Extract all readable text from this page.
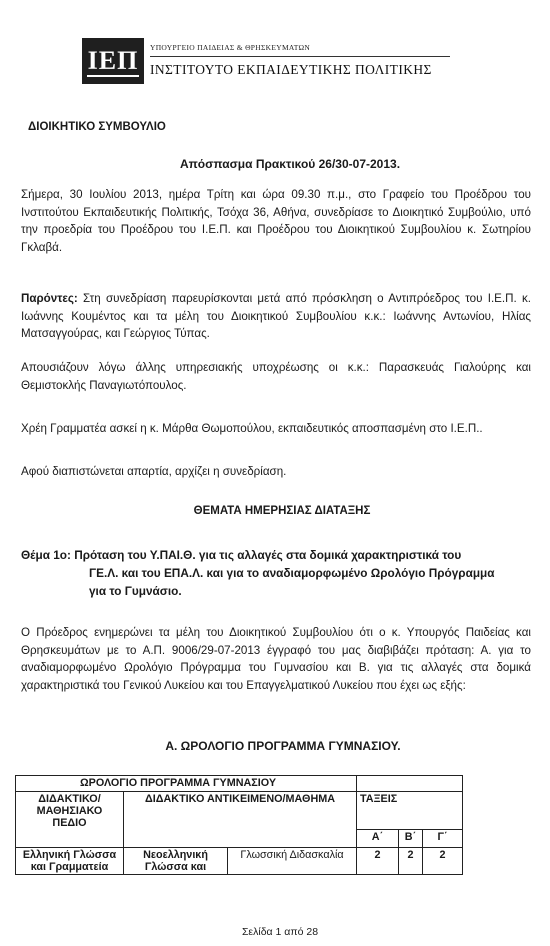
ΙΕΠ	ΥΠΟΥΡΓΕΙΟ ΠΑΙΔΕΙΑΣ & ΘΡΗΣΚΕΥΜΑΤΩΝ
ΙΝΣΤΙΤΟΥΤΟ ΕΚΠΑΙΔΕΥΤΙΚΗΣ ΠΟΛΙΤΙΚΗΣ
ΔΙΟΙΚΗΤΙΚΟ ΣΥΜΒΟΥΛΙΟ
Απόσπασμα Πρακτικού 26/30-07-2013.

Σήμερα, 30 Ιουλίου 2013, ημέρα Τρίτη και ώρα 09.30 π.μ., στο Γραφείο του Προέδρου του Ινστιτούτου Εκπαιδευτικής Πολιτικής, Τσόχα 36, Αθήνα, συνεδρίασε το Διοικητικό Συμβούλιο, υπό την προεδρία του Προέδρου του Ι.Ε.Π. και Προέδρου του Διοικητικού Συμβουλίου κ. Σωτηρίου Γκλαβά.

Παρόντες: Στη συνεδρίαση παρευρίσκονται μετά από πρόσκληση ο Αντιπρόεδρος του Ι.Ε.Π. κ. Ιωάννης Κουμέντος και τα μέλη του Διοικητικού Συμβουλίου κ.κ.: Ιωάννης Αντωνίου, Ηλίας Ματσαγγούρας, και Γεώργιος Τύπας.

Απουσιάζουν λόγω άλλης υπηρεσιακής υποχρέωσης οι κ.κ.: Παρασκευάς Γιαλούρης και Θεμιστοκλής Παναγιωτόπουλος.

Χρέη Γραμματέα ασκεί η κ. Μάρθα Θωμοπούλου, εκπαιδευτικός αποσπασμένη στο Ι.Ε.Π..

Αφού διαπιστώνεται απαρτία, αρχίζει η συνεδρίαση.

ΘΕΜΑΤΑ ΗΜΕΡΗΣΙΑΣ ΔΙΑΤΑΞΗΣ
Θέμα 1ο: Πρόταση του Υ.ΠΑΙ.Θ. για τις αλλαγές στα δομικά χαρακτηριστικά του
ΓΕ.Λ. και του ΕΠΑ.Λ. και για το αναδιαμορφωμένο Ωρολόγιο Πρόγραμμα
για το Γυμνάσιο.

Ο Πρόεδρος ενημερώνει τα μέλη του Διοικητικού Συμβουλίου ότι ο κ. Υπουργός Παιδείας και Θρησκευμάτων με το Α.Π. 9006/29-07-2013 έγγραφό του μας διαβιβάζει πρόταση: Α. για το αναδιαμορφωμένο Ωρολόγιο Πρόγραμμα του Γυμνασίου και Β. για τις αλλαγές στα δομικά χαρακτηριστικά του Γενικού Λυκείου και του Επαγγελματικού Λυκείου που έχει ως εξής:

Α. ΩΡΟΛΟΓΙΟ ΠΡΟΓΡΑΜΜΑ ΓΥΜΝΑΣΙΟΥ.
ΩΡΟΛΟΓΙΟ ΠΡΟΓΡΑΜΜΑ ΓΥΜΝΑΣΙΟΥ					
ΔΙΔΑΚΤΙΚΟ/ ΜΑΘΗΣΙΑΚΟ ΠΕΔΙΟ	ΔΙΔΑΚΤΙΚΟ ΑΝΤΙΚΕΙΜΕΝΟ/ΜΑΘΗΜΑ		ΤΑΞΕΙΣ		
			Α΄	Β΄	Γ΄
Ελληνική Γλώσσα και Γραμματεία	Νεοελληνική Γλώσσα και	Γλωσσική Διδασκαλία	2	2	2
Σελίδα 1 από 28
